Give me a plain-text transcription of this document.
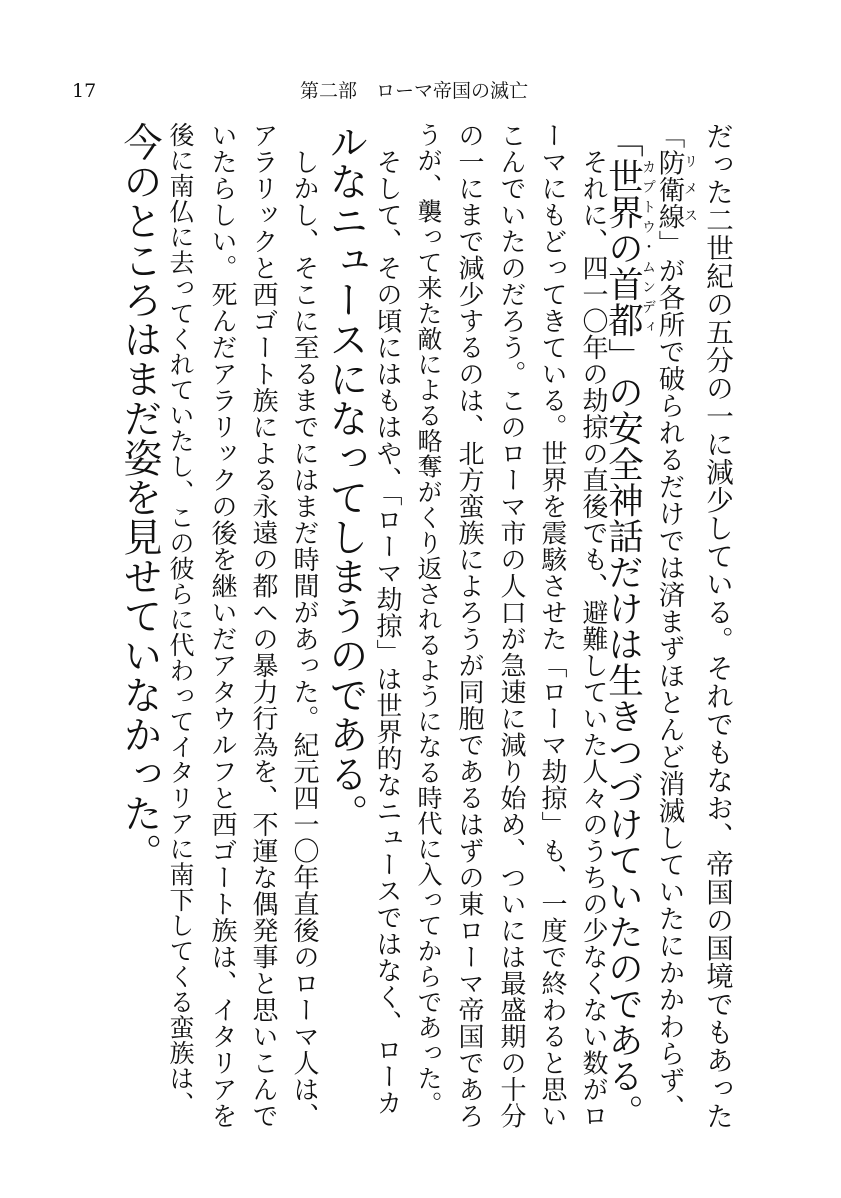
17	第二部　ローマ帝国の滅亡
だった二世紀の五分の一に減少している。それでもなお、帝国の国境でもあった
「防衛線リメス」が各所で破られるだけでは済まずほとんど消滅していたにかかわらず、
「世界の首都カプトウ・ムンディ」の安全神話だけは生きつづけていたのである。
　それに、四一〇年の劫掠の直後でも、避難していた人々のうちの少なくない数がロ
ーマにもどってきている。世界を震駭させた「ローマ劫掠」も、一度で終わると思い
こんでいたのだろう。このローマ市の人口が急速に減り始め、ついには最盛期の十分
の一にまで減少するのは、北方蛮族によろうが同胞であるはずの東ローマ帝国であろ
うが、襲って来た敵による略奪がくり返されるようになる時代に入ってからであった。
　そして、その頃にはもはや、「ローマ劫掠」は世界的なニュースではなく、ローカ
ルなニュースになってしまうのである。
　しかし、そこに至るまでにはまだ時間があった。紀元四一〇年直後のローマ人は、
アラリックと西ゴート族による永遠の都への暴力行為を、不運な偶発事と思いこんで
いたらしい。死んだアラリックの後を継いだアタウルフと西ゴート族は、イタリアを
後に南仏に去ってくれていたし、この彼らに代わってイタリアに南下してくる蛮族は、
今のところはまだ姿を見せていなかった。
